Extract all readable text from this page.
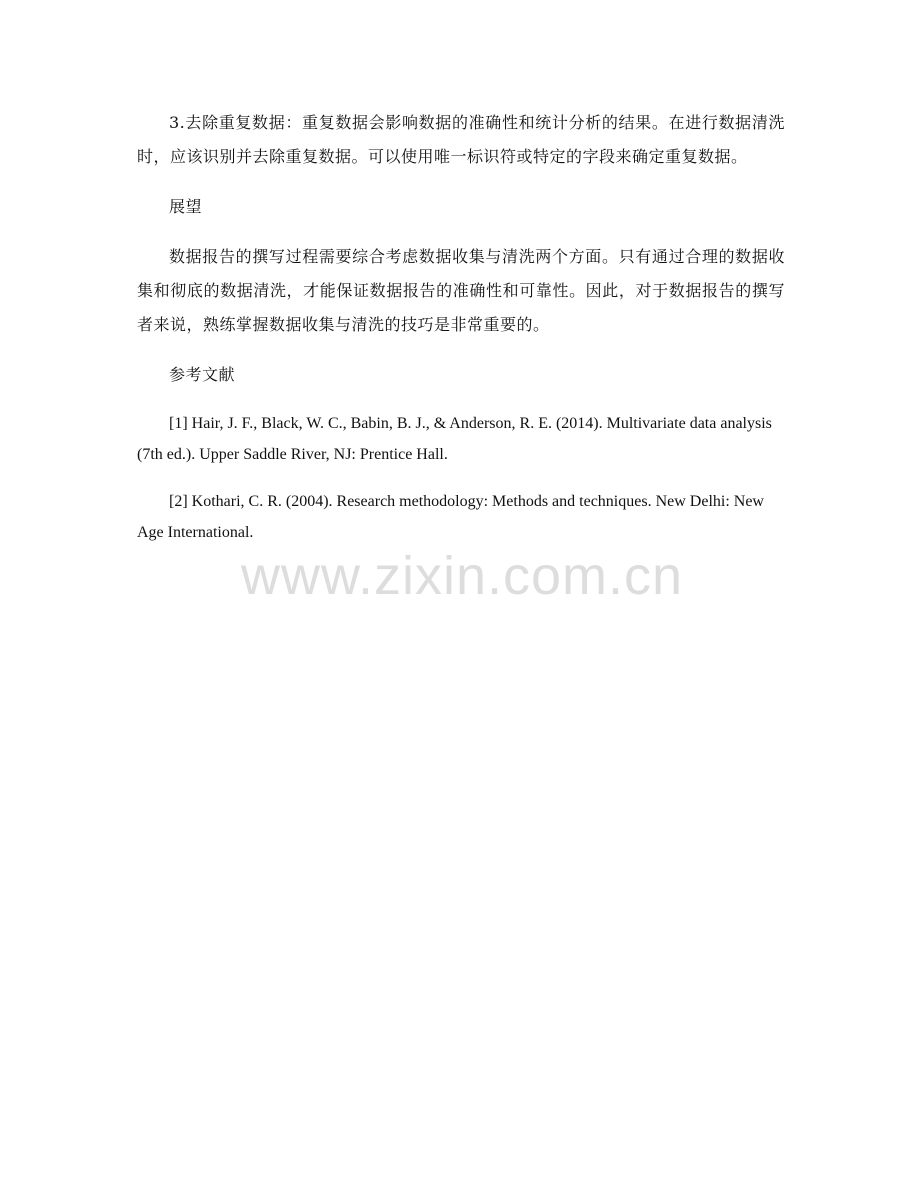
3.去除重复数据：重复数据会影响数据的准确性和统计分析的结果。在进行数据清洗时，应该识别并去除重复数据。可以使用唯一标识符或特定的字段来确定重复数据。

展望

数据报告的撰写过程需要综合考虑数据收集与清洗两个方面。只有通过合理的数据收集和彻底的数据清洗，才能保证数据报告的准确性和可靠性。因此，对于数据报告的撰写者来说，熟练掌握数据收集与清洗的技巧是非常重要的。

参考文献

[1] Hair, J. F., Black, W. C., Babin, B. J., & Anderson, R. E. (2014). Multivariate data analysis (7th ed.). Upper Saddle River, NJ: Prentice Hall.

[2] Kothari, C. R. (2004). Research methodology: Methods and techniques. New Delhi: New Age International.

www.zixin.com.cn
